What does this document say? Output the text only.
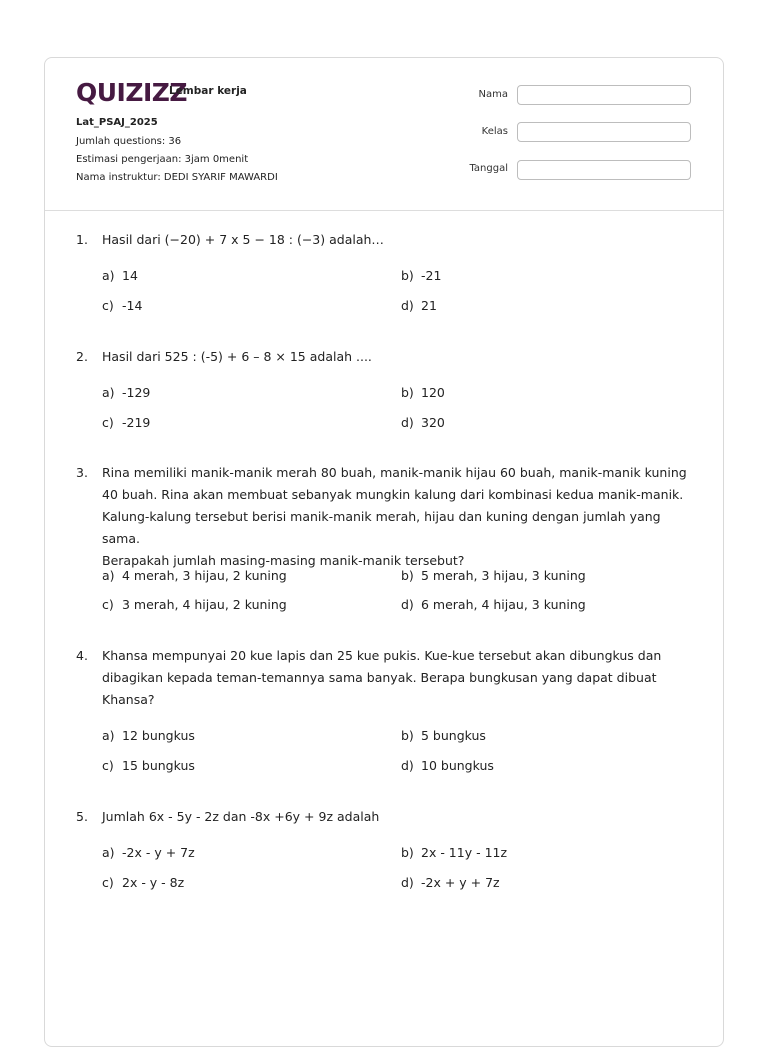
QUIZIZZ
Lembar kerja
Lat_PSAJ_2025
Jumlah questions: 36
Estimasi pengerjaan: 3jam 0menit
Nama instruktur: DEDI SYARIF MAWARDI
Nama
Kelas
Tanggal
1. Hasil dari (−20) + 7 x 5 − 18 : (−3) adalah…
a) 14	b) -21
c) -14	d) 21
2. Hasil dari 525 : (-5) + 6 – 8 × 15 adalah ....
a) -129	b) 120
c) -219	d) 320
3. Rina memiliki manik-manik merah 80 buah, manik-manik hijau 60 buah, manik-manik kuning
40 buah. Rina akan membuat sebanyak mungkin kalung dari kombinasi kedua manik-manik.
Kalung-kalung tersebut berisi manik-manik merah, hijau dan kuning dengan jumlah yang sama.
Berapakah jumlah masing-masing manik-manik tersebut?
a) 4 merah, 3 hijau, 2 kuning	b) 5 merah, 3 hijau, 3 kuning
c) 3 merah, 4 hijau, 2 kuning	d) 6 merah, 4 hijau, 3 kuning
4. Khansa mempunyai 20 kue lapis dan 25 kue pukis. Kue-kue tersebut akan dibungkus dan
dibagikan kepada teman-temannya sama banyak. Berapa bungkusan yang dapat dibuat
Khansa?
a) 12 bungkus	b) 5 bungkus
c) 15 bungkus	d) 10 bungkus
5. Jumlah 6x - 5y - 2z dan -8x +6y + 9z adalah
a) -2x - y + 7z	b) 2x - 11y - 11z
c) 2x - y - 8z	d) -2x + y + 7z
